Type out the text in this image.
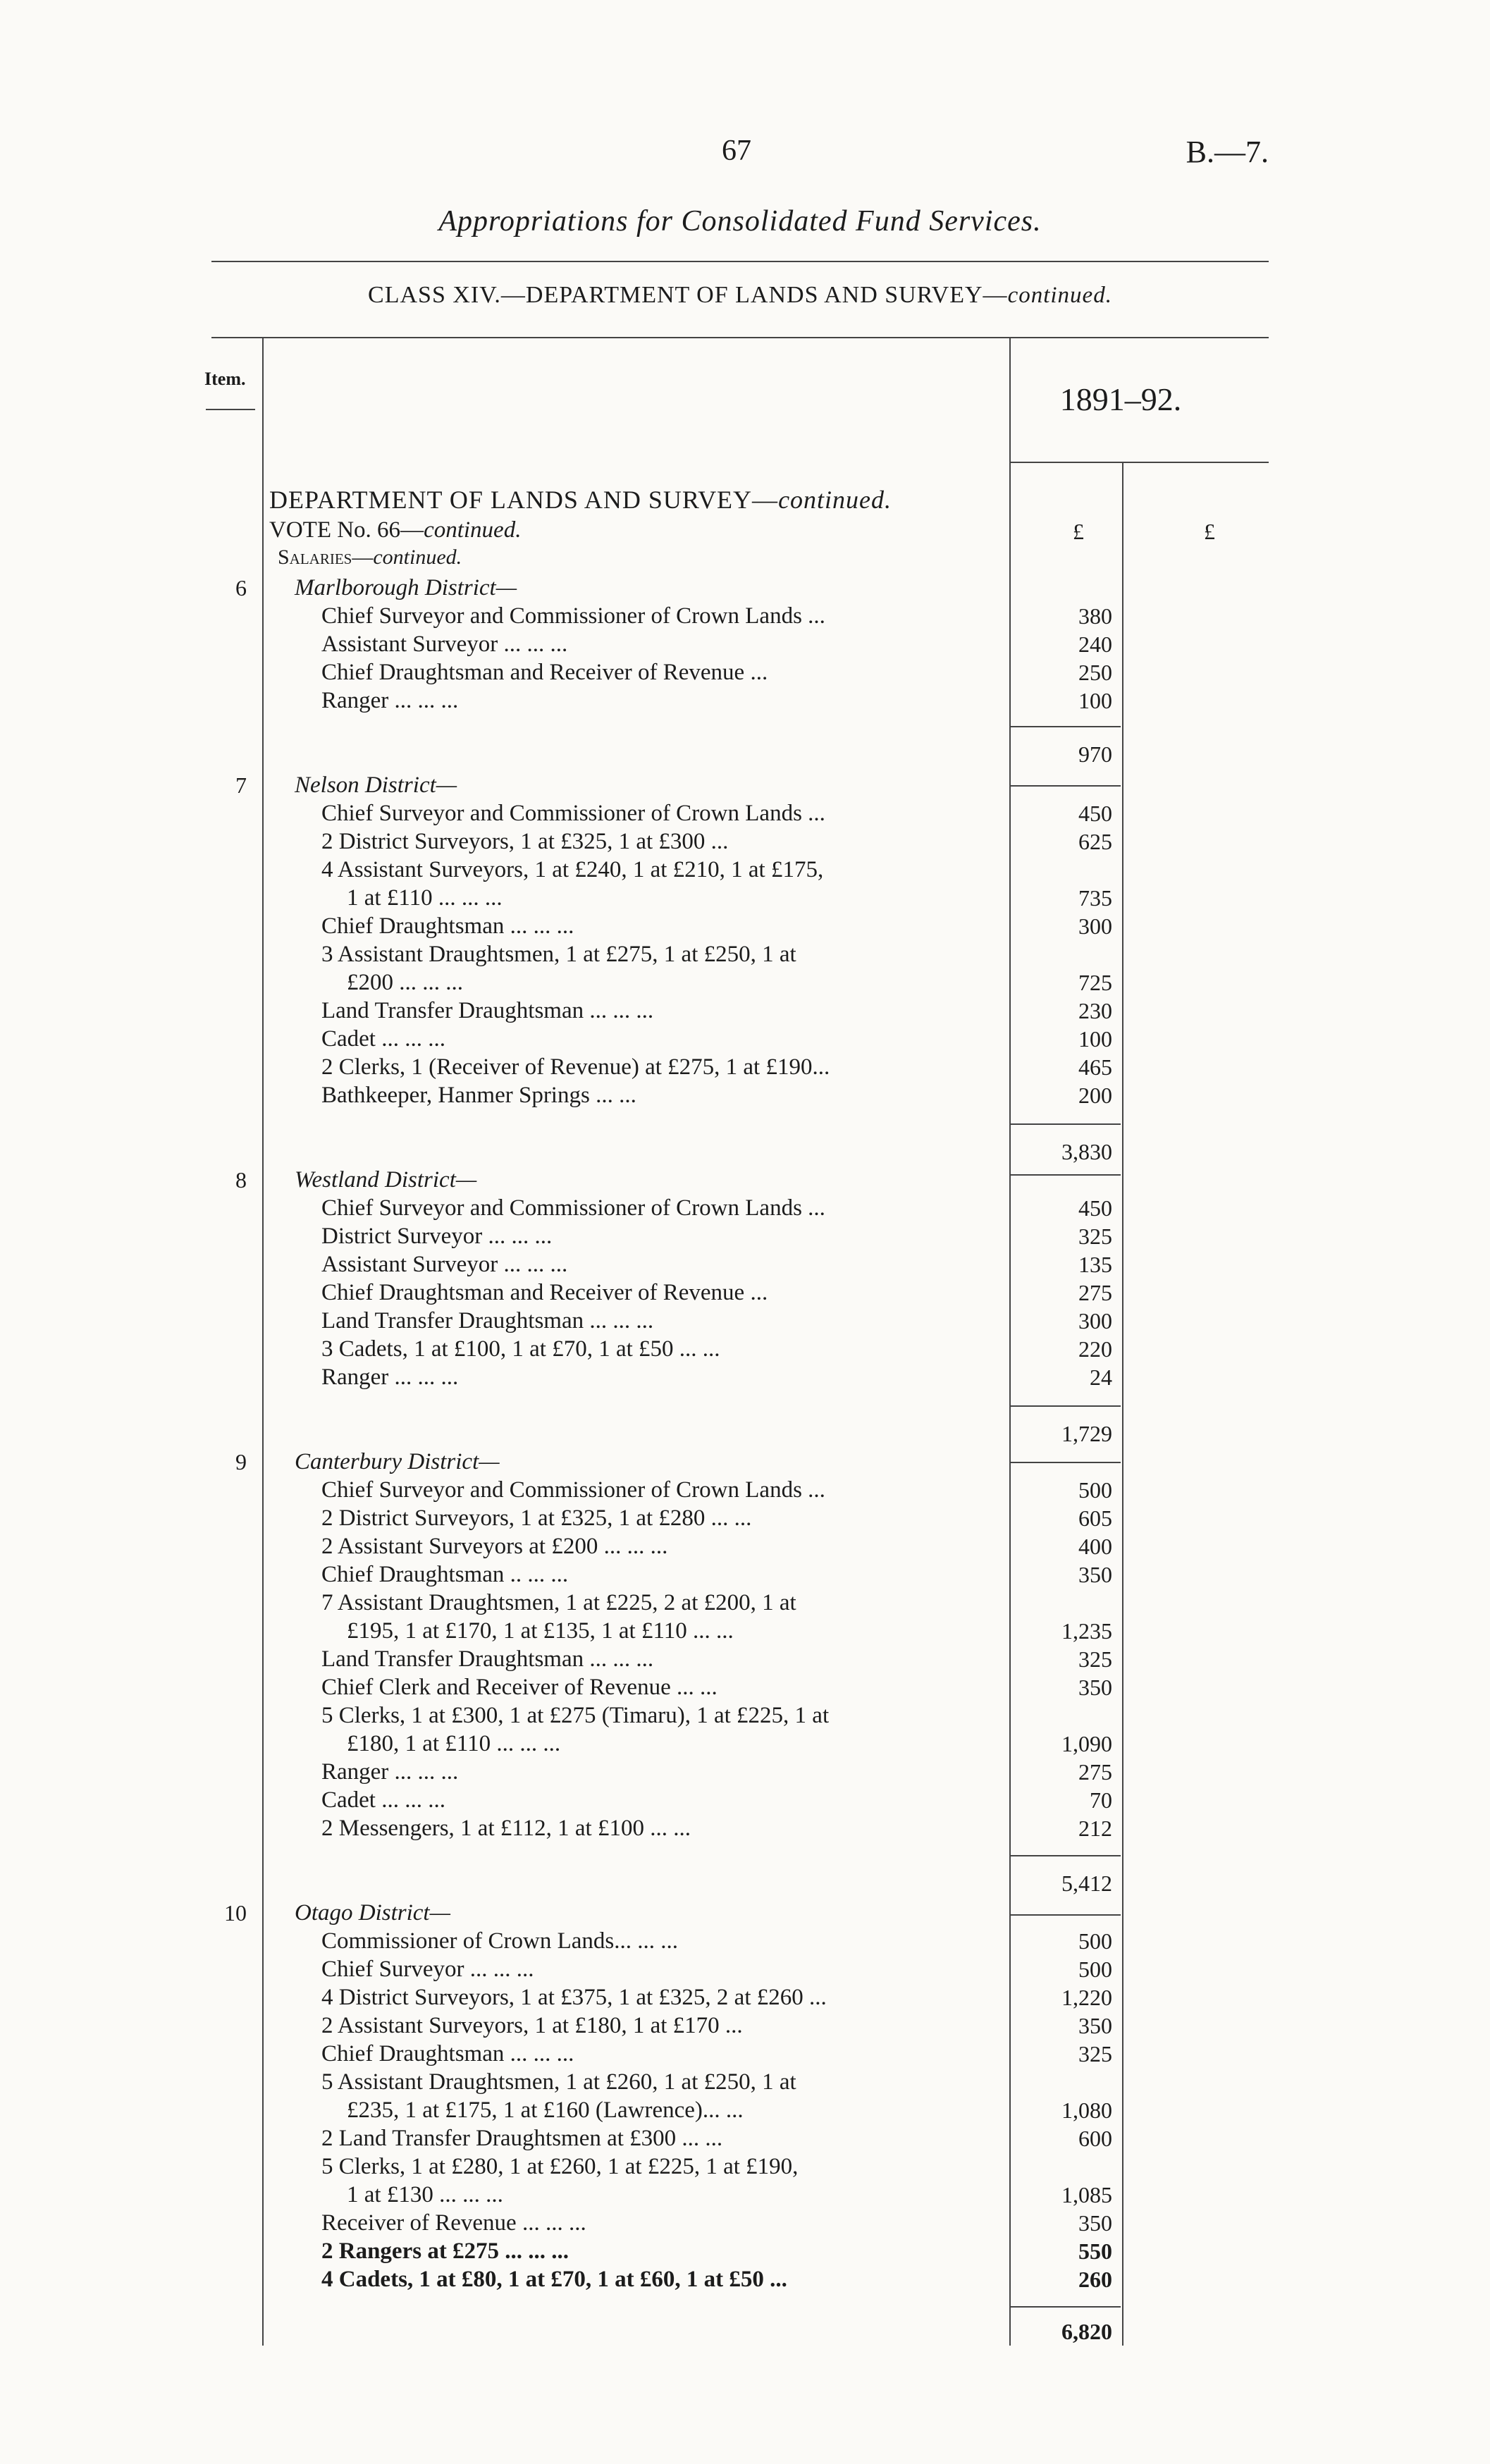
67	B.—7.
Appropriations for Consolidated Fund Services.
CLASS XIV.—DEPARTMENT OF LANDS AND SURVEY—continued.
Item.
1891–92.
DEPARTMENT OF LANDS AND SURVEY—continued.
VOTE No. 66—continued.
Salaries—continued.
£	£
6 Marlborough District—
Chief Surveyor and Commissioner of Crown Lands ...	380
Assistant Surveyor ... ... ...	240
Chief Draughtsman and Receiver of Revenue ...	250
Ranger ... ... ...	100
970
7 Nelson District—
Chief Surveyor and Commissioner of Crown Lands ...	450
2 District Surveyors, 1 at £325, 1 at £300 ...	625
4 Assistant Surveyors, 1 at £240, 1 at £210, 1 at £175,
1 at £110 ... ... ...	735
Chief Draughtsman ... ... ...	300
3 Assistant Draughtsmen, 1 at £275, 1 at £250, 1 at
£200 ... ... ...	725
Land Transfer Draughtsman ... ... ...	230
Cadet ... ... ...	100
2 Clerks, 1 (Receiver of Revenue) at £275, 1 at £190...	465
Bathkeeper, Hanmer Springs ... ...	200
3,830
8 Westland District—
Chief Surveyor and Commissioner of Crown Lands ...	450
District Surveyor ... ... ...	325
Assistant Surveyor ... ... ...	135
Chief Draughtsman and Receiver of Revenue ...	275
Land Transfer Draughtsman ... ... ...	300
3 Cadets, 1 at £100, 1 at £70, 1 at £50 ... ...	220
Ranger ... ... ...	24
1,729
9 Canterbury District—
Chief Surveyor and Commissioner of Crown Lands ...	500
2 District Surveyors, 1 at £325, 1 at £280 ... ...	605
2 Assistant Surveyors at £200 ... ... ...	400
Chief Draughtsman .. ... ...	350
7 Assistant Draughtsmen, 1 at £225, 2 at £200, 1 at
£195, 1 at £170, 1 at £135, 1 at £110 ... ...	1,235
Land Transfer Draughtsman ... ... ...	325
Chief Clerk and Receiver of Revenue ... ...	350
5 Clerks, 1 at £300, 1 at £275 (Timaru), 1 at £225, 1 at
£180, 1 at £110 ... ... ...	1,090
Ranger ... ... ...	275
Cadet ... ... ...	70
2 Messengers, 1 at £112, 1 at £100 ... ...	212
5,412
10 Otago District—
Commissioner of Crown Lands... ... ...	500
Chief Surveyor ... ... ...	500
4 District Surveyors, 1 at £375, 1 at £325, 2 at £260 ...	1,220
2 Assistant Surveyors, 1 at £180, 1 at £170 ...	350
Chief Draughtsman ... ... ...	325
5 Assistant Draughtsmen, 1 at £260, 1 at £250, 1 at
£235, 1 at £175, 1 at £160 (Lawrence)... ...	1,080
2 Land Transfer Draughtsmen at £300 ... ...	600
5 Clerks, 1 at £280, 1 at £260, 1 at £225, 1 at £190,
1 at £130 ... ... ...	1,085
Receiver of Revenue ... ... ...	350
2 Rangers at £275 ... ... ...	550
4 Cadets, 1 at £80, 1 at £70, 1 at £60, 1 at £50 ...	260
6,820
